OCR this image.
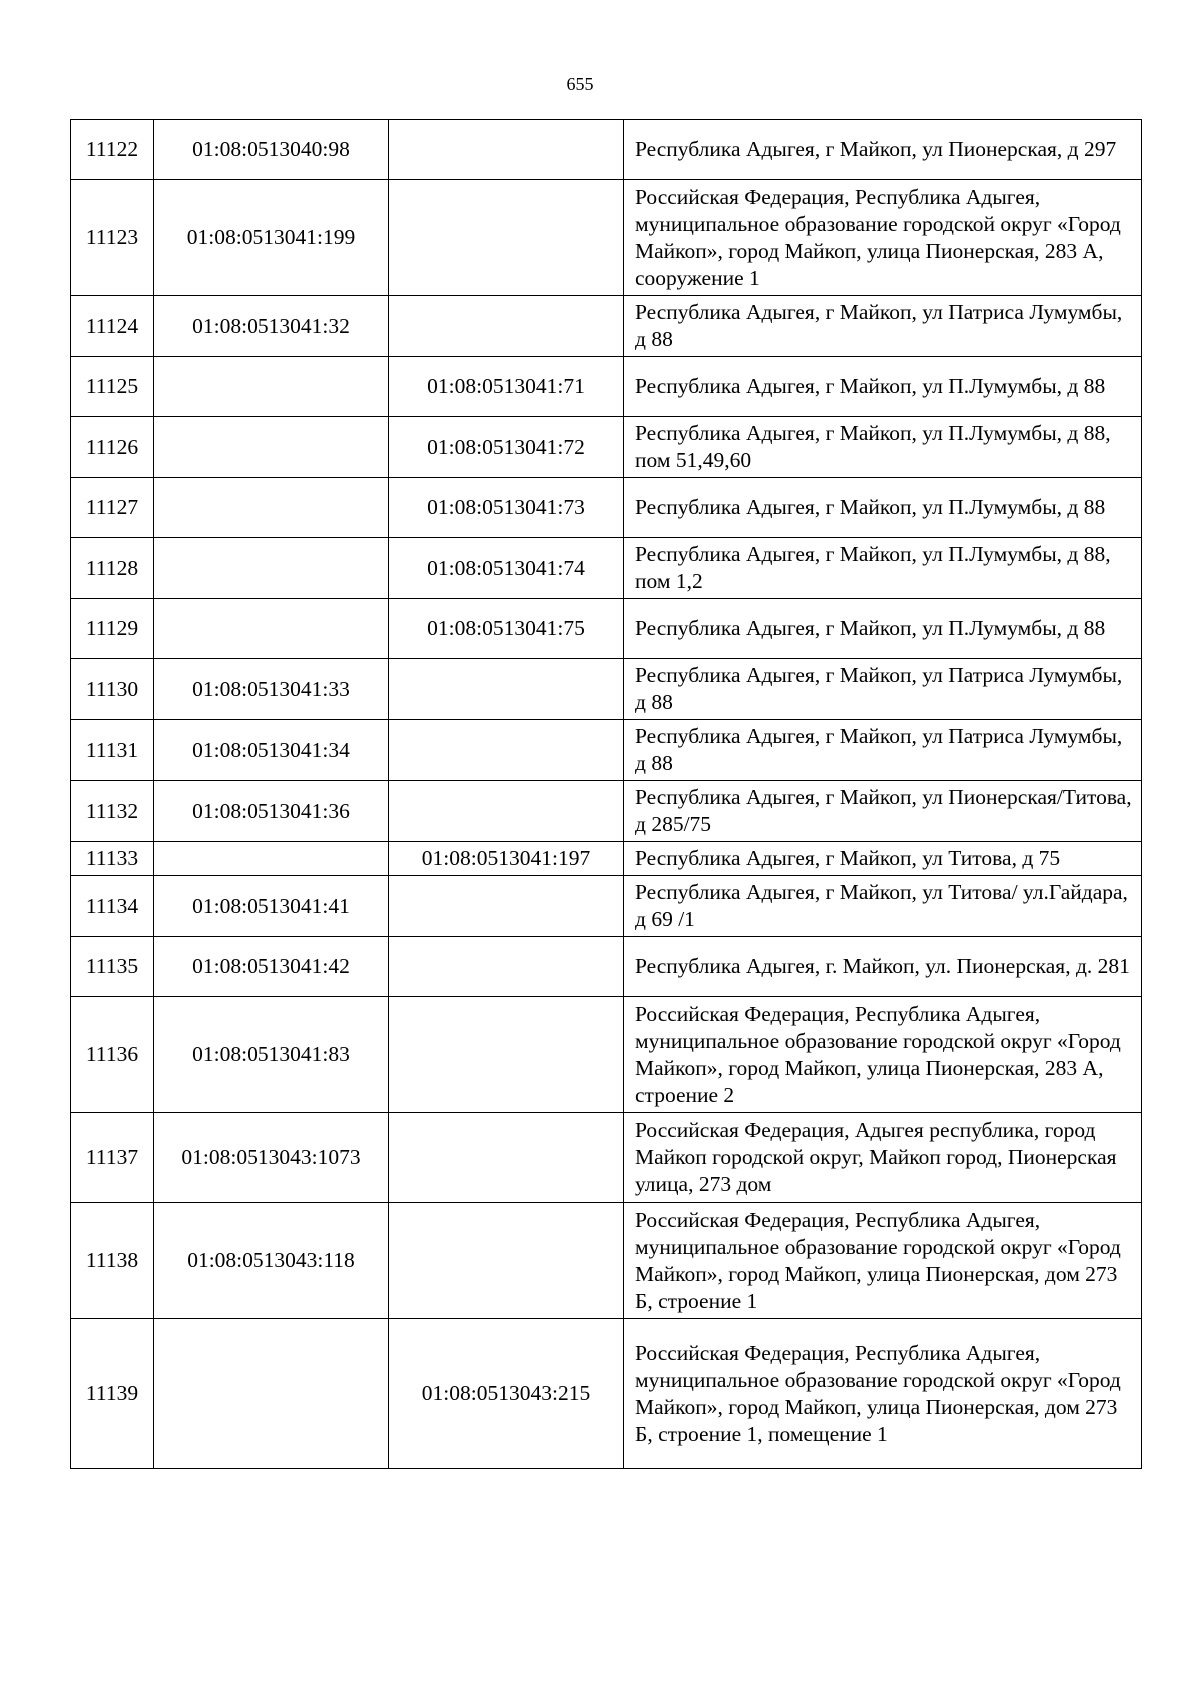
655
11122	01:08:0513040:98		Республика Адыгея, г Майкоп, ул Пионерская, д 297
11123	01:08:0513041:199		Российская Федерация, Республика Адыгея, муниципальное образование городской округ «Город Майкоп», город Майкоп, улица Пионерская, 283 А, сооружение 1
11124	01:08:0513041:32		Республика Адыгея, г Майкоп, ул Патриса Лумумбы, д 88
11125		01:08:0513041:71	Республика Адыгея, г Майкоп, ул П.Лумумбы, д 88
11126		01:08:0513041:72	Республика Адыгея, г Майкоп, ул П.Лумумбы, д 88, пом 51,49,60
11127		01:08:0513041:73	Республика Адыгея, г Майкоп, ул П.Лумумбы, д 88
11128		01:08:0513041:74	Республика Адыгея, г Майкоп, ул П.Лумумбы, д 88, пом 1,2
11129		01:08:0513041:75	Республика Адыгея, г Майкоп, ул П.Лумумбы, д 88
11130	01:08:0513041:33		Республика Адыгея, г Майкоп, ул Патриса Лумумбы, д 88
11131	01:08:0513041:34		Республика Адыгея, г Майкоп, ул Патриса Лумумбы, д 88
11132	01:08:0513041:36		Республика Адыгея, г Майкоп, ул Пионерская/Титова, д 285/75
11133		01:08:0513041:197	Республика Адыгея, г Майкоп, ул Титова, д 75
11134	01:08:0513041:41		Республика Адыгея, г Майкоп, ул Титова/ ул.Гайдара, д 69 /1
11135	01:08:0513041:42		Республика Адыгея, г. Майкоп, ул. Пионерская, д. 281
11136	01:08:0513041:83		Российская Федерация, Республика Адыгея, муниципальное образование городской округ «Город Майкоп», город Майкоп, улица Пионерская, 283 А, строение 2
11137	01:08:0513043:1073		Российская Федерация, Адыгея республика, город Майкоп городской округ, Майкоп город, Пионерская улица, 273 дом
11138	01:08:0513043:118		Российская Федерация, Республика Адыгея, муниципальное образование городской округ «Город Майкоп», город Майкоп, улица Пионерская, дом 273 Б, строение 1
11139		01:08:0513043:215	Российская Федерация, Республика Адыгея, муниципальное образование городской округ «Город Майкоп», город Майкоп, улица Пионерская, дом 273 Б, строение 1, помещение 1
